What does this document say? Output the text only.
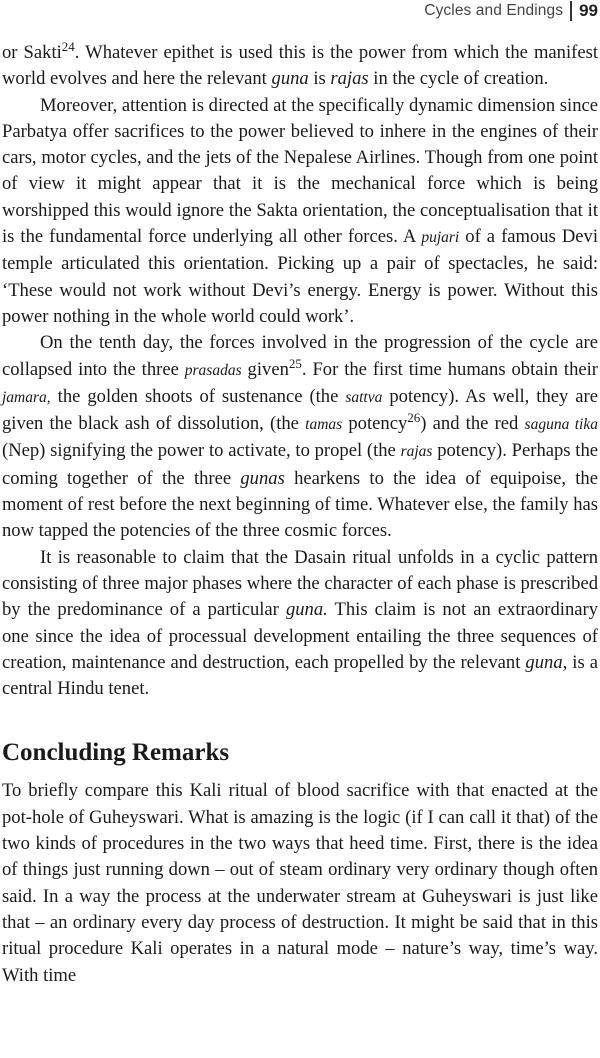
Cycles and Endings 99

or Sakti$^{24}$. Whatever epithet is used this is the power from which the manifest world evolves and here the relevant guna is rajas in the cycle of creation.

Moreover, attention is directed at the specifically dynamic dimension since Parbatya offer sacrifices to the power believed to inhere in the engines of their cars, motor cycles, and the jets of the Nepalese Airlines. Though from one point of view it might appear that it is the mechanical force which is being worshipped this would ignore the Sakta orientation, the conceptualisation that it is the fundamental force underlying all other forces. A pujari of a famous Devi temple articulated this orientation. Picking up a pair of spectacles, he said: ‘These would not work without Devi’s energy. Energy is power. Without this power nothing in the whole world could work’.

On the tenth day, the forces involved in the progression of the cycle are collapsed into the three prasadas given$^{25}$. For the first time humans obtain their jamara, the golden shoots of sustenance (the sattva potency). As well, they are given the black ash of dissolution, (the tamas potency$^{26}$) and the red saguna tika (Nep) signifying the power to activate, to propel (the rajas potency). Perhaps the coming together of the three gunas hearkens to the idea of equipoise, the moment of rest before the next beginning of time. Whatever else, the family has now tapped the potencies of the three cosmic forces.

It is reasonable to claim that the Dasain ritual unfolds in a cyclic pattern consisting of three major phases where the character of each phase is prescribed by the predominance of a particular guna. This claim is not an extraordinary one since the idea of processual development entailing the three sequences of creation, maintenance and destruction, each propelled by the relevant guna, is a central Hindu tenet.

Concluding Remarks

To briefly compare this Kali ritual of blood sacrifice with that enacted at the pot-hole of Guheyswari. What is amazing is the logic (if I can call it that) of the two kinds of procedures in the two ways that heed time. First, there is the idea of things just running down – out of steam ordinary very ordinary though often said. In a way the process at the underwater stream at Guheyswari is just like that – an ordinary every day process of destruction. It might be said that in this ritual procedure Kali operates in a natural mode – nature’s way, time’s way. With time
